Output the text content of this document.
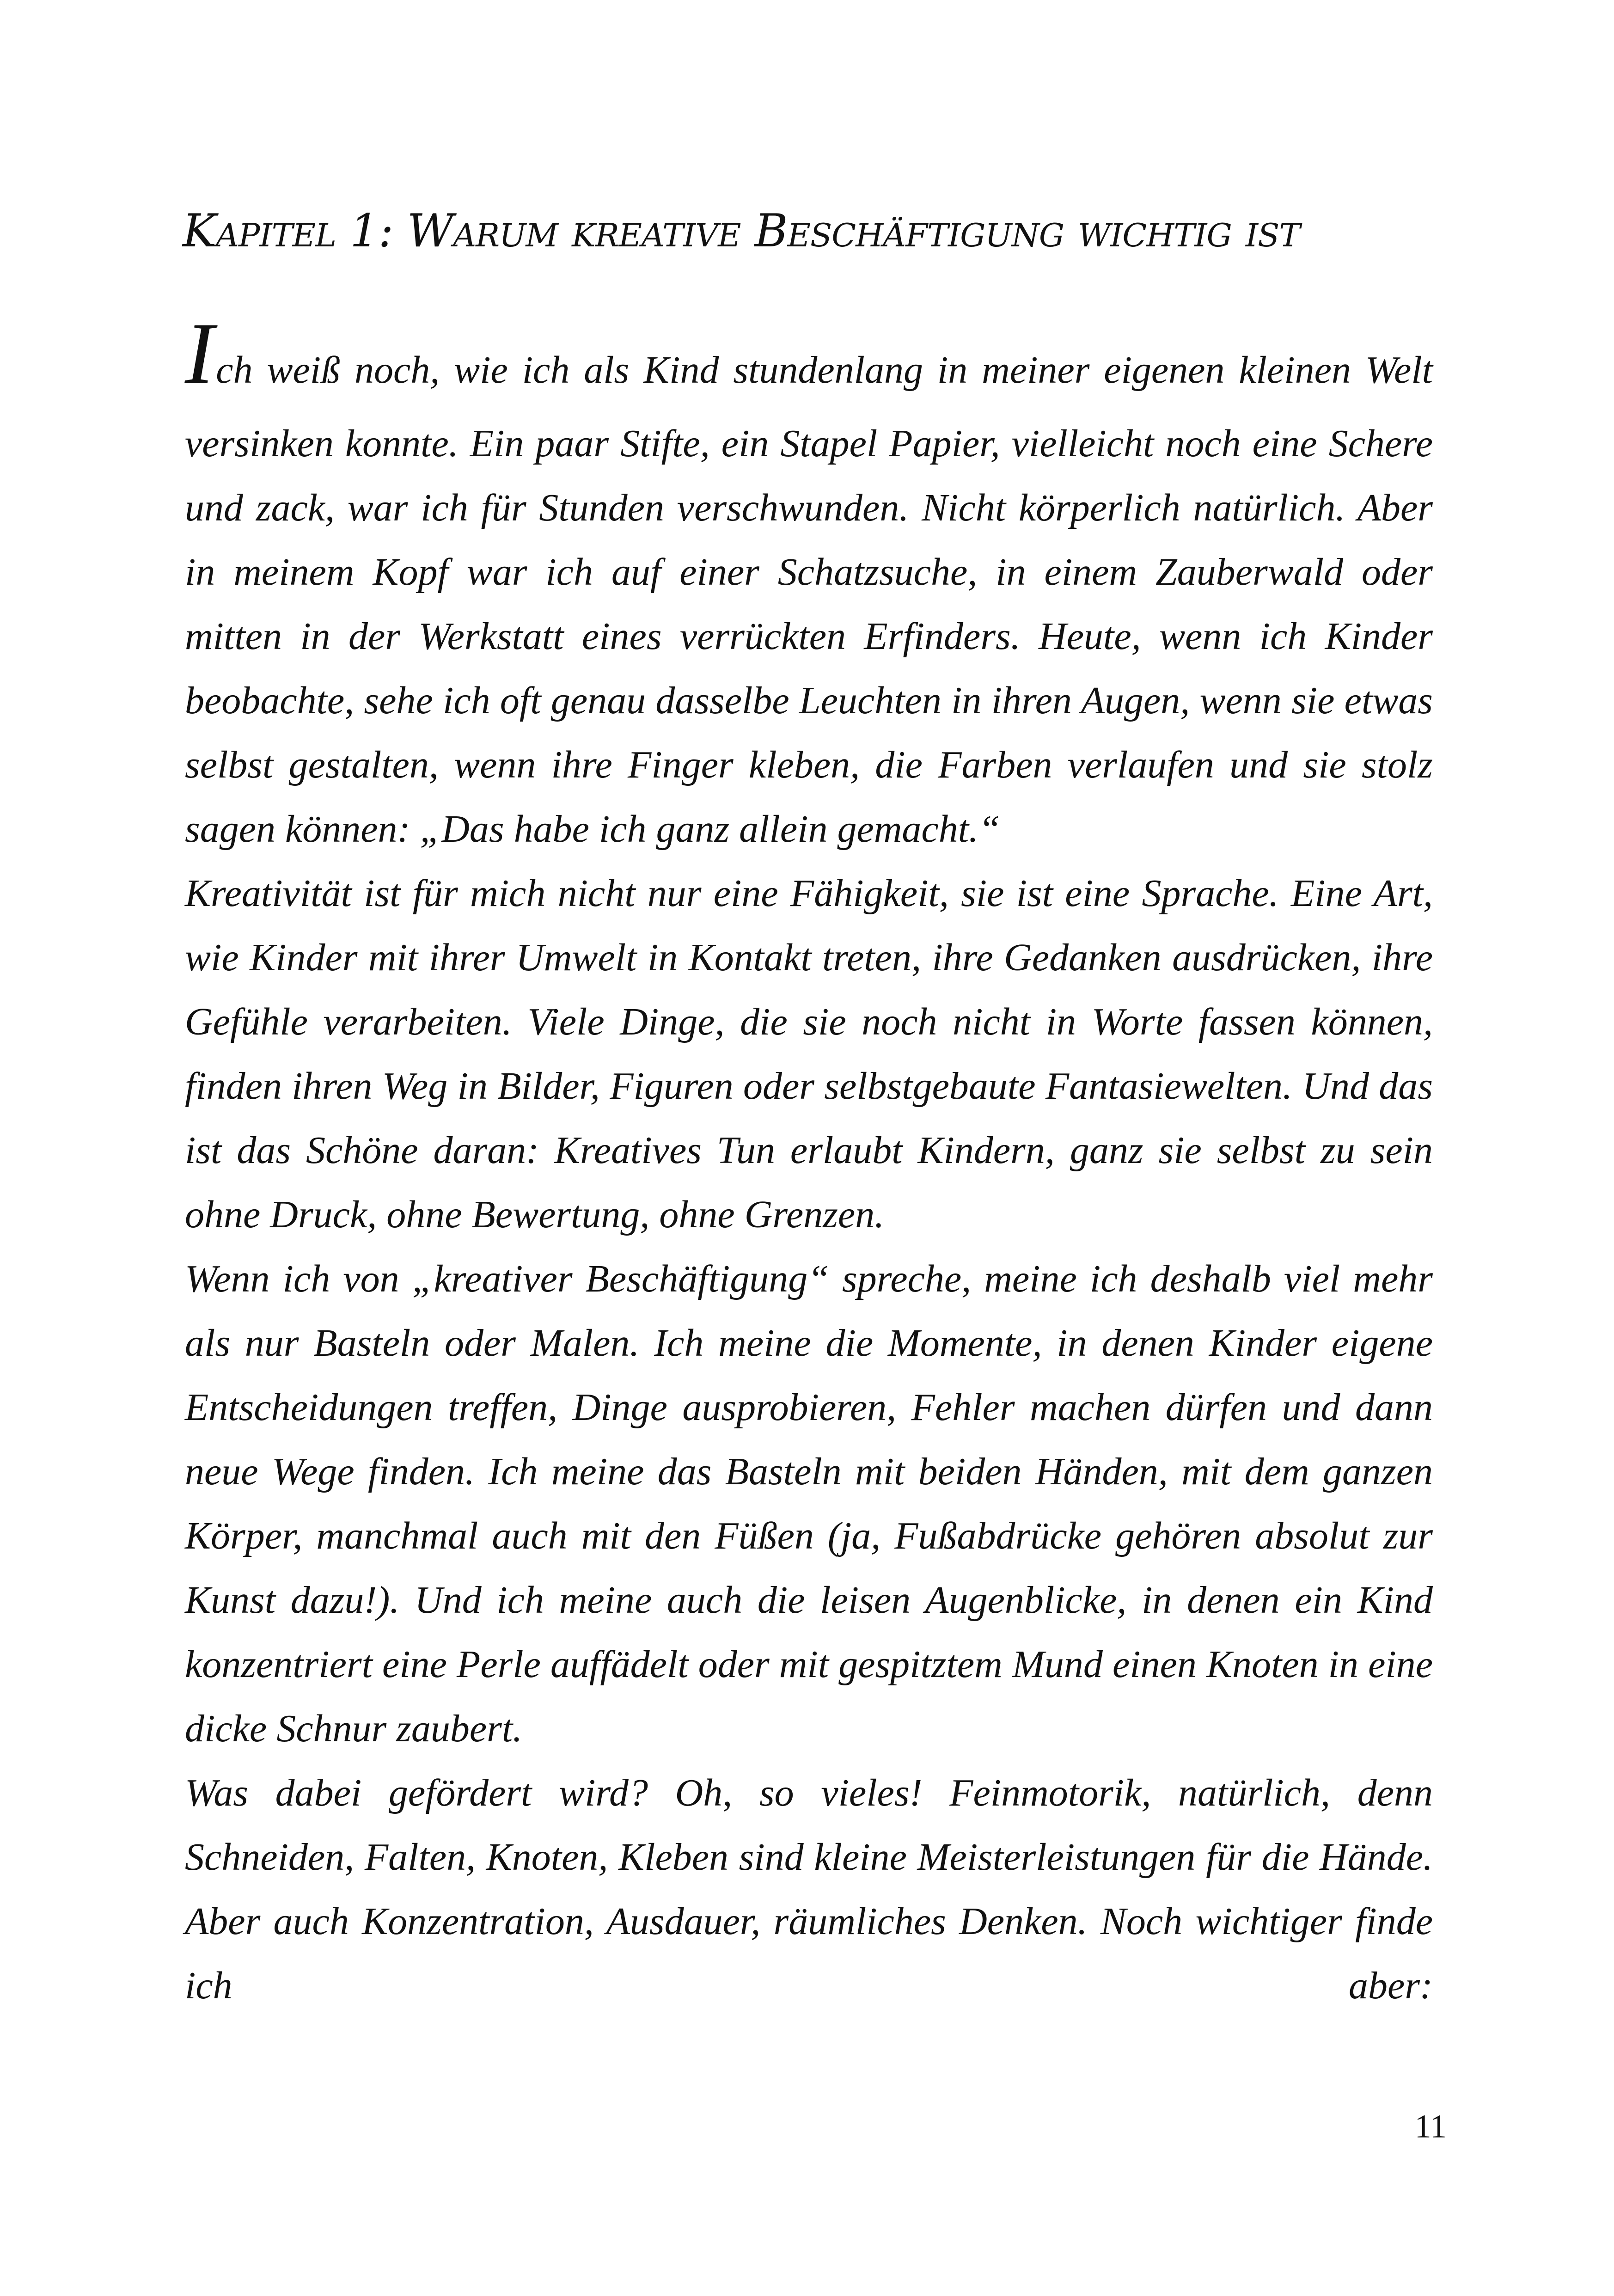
Kapitel 1: Warum kreative Beschäftigung wichtig ist
Ich weiß noch, wie ich als Kind stundenlang in meiner eigenen kleinen Welt
versinken konnte. Ein paar Stifte, ein Stapel Papier, vielleicht noch eine Schere und zack, war ich für Stunden verschwunden. Nicht körperlich natürlich. Aber in meinem Kopf war ich auf einer Schatzsuche, in einem Zauberwald oder mitten in der Werkstatt eines verrückten Erfinders. Heute, wenn ich Kinder beobachte, sehe ich oft genau dasselbe Leuchten in ihren Augen, wenn sie etwas selbst gestalten, wenn ihre Finger kleben, die Farben verlaufen und sie stolz sagen können: „Das habe ich ganz allein gemacht.“

Kreativität ist für mich nicht nur eine Fähigkeit, sie ist eine Sprache. Eine Art, wie Kinder mit ihrer Umwelt in Kontakt treten, ihre Gedanken ausdrücken, ihre Gefühle verarbeiten. Viele Dinge, die sie noch nicht in Worte fassen können, finden ihren Weg in Bilder, Figuren oder selbstgebaute Fantasiewelten. Und das ist das Schöne daran: Kreatives Tun erlaubt Kindern, ganz sie selbst zu sein ohne Druck, ohne Bewertung, ohne Grenzen.

Wenn ich von „kreativer Beschäftigung“ spreche, meine ich deshalb viel mehr als nur Basteln oder Malen. Ich meine die Momente, in denen Kinder eigene Entscheidungen treffen, Dinge ausprobieren, Fehler machen dürfen und dann neue Wege finden. Ich meine das Basteln mit beiden Händen, mit dem ganzen Körper, manchmal auch mit den Füßen (ja, Fußabdrücke gehören absolut zur Kunst dazu!). Und ich meine auch die leisen Augenblicke, in denen ein Kind konzentriert eine Perle auffädelt oder mit gespitztem Mund einen Knoten in eine dicke Schnur zaubert.

Was dabei gefördert wird? Oh, so vieles! Feinmotorik, natürlich, denn Schneiden, Falten, Knoten, Kleben sind kleine Meisterleistungen für die Hände. Aber auch Konzentration, Ausdauer, räumliches Denken. Noch wichtiger finde ich aber:

11
